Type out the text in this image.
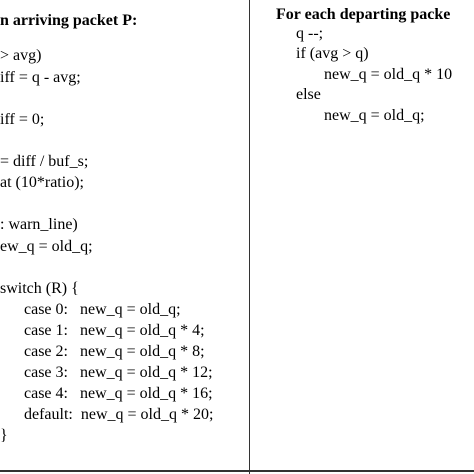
n arriving packet P:
> avg)
iff = q - avg;
iff = 0;
= diff / buf_s;
at (10*ratio);
: warn_line)
ew_q = old_q;
switch (R) {
case 0:   new_q = old_q;
case 1:   new_q = old_q * 4;
case 2:   new_q = old_q * 8;
case 3:   new_q = old_q * 12;
case 4:   new_q = old_q * 16;
default:  new_q = old_q * 20;
}
For each departing packe
q --;
if (avg > q)
new_q = old_q * 10
else
new_q = old_q;
